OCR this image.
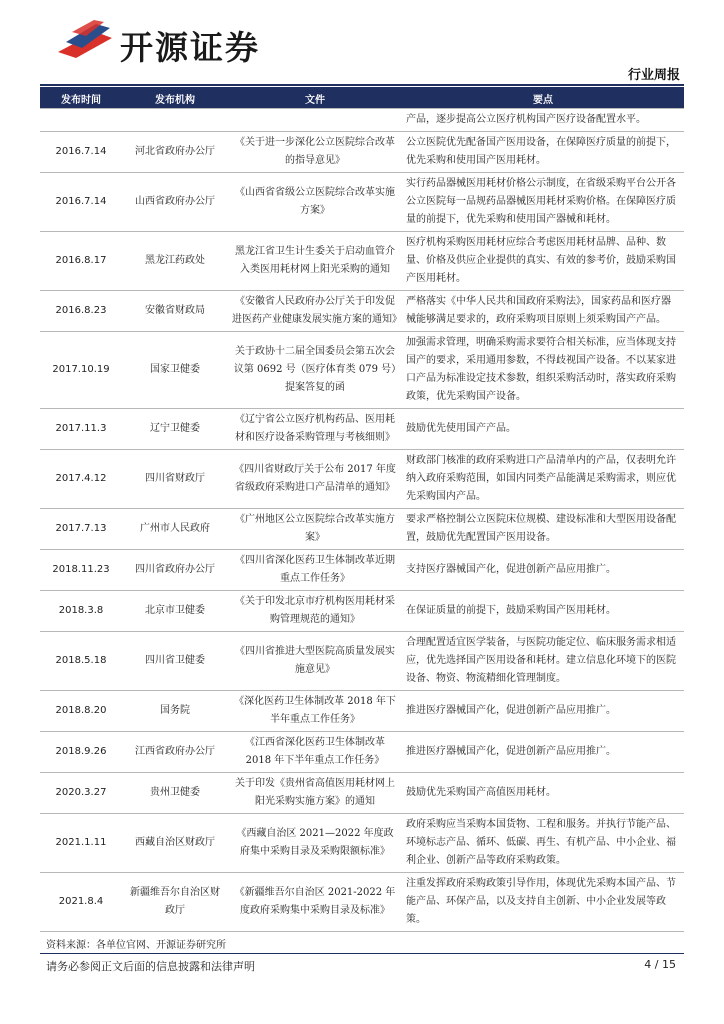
开源证券
行业周报
发布时间	发布机构	文件	要点
			产品，逐步提高公立医疗机构国产医疗设备配置水平。
2016.7.14	河北省政府办公厅	《关于进一步深化公立医院综合改革的指导意见》	公立医院优先配备国产医用设备，在保障医疗质量的前提下，优先采购和使用国产医用耗材。
2016.7.14	山西省政府办公厅	《山西省省级公立医院综合改革实施方案》	实行药品器械医用耗材价格公示制度，在省级采购平台公开各公立医院每一品规药品器械医用耗材采购价格。在保障医疗质量的前提下，优先采购和使用国产器械和耗材。
2016.8.17	黑龙江药政处	黑龙江省卫生计生委关于启动血管介入类医用耗材网上阳光采购的通知	医疗机构采购医用耗材应综合考虑医用耗材品牌、品种、数量、价格及供应企业提供的真实、有效的参考价，鼓励采购国产医用耗材。
2016.8.23	安徽省财政局	《安徽省人民政府办公厅关于印发促进医药产业健康发展实施方案的通知》	严格落实《中华人民共和国政府采购法》，国家药品和医疗器械能够满足要求的，政府采购项目原则上须采购国产产品。
2017.10.19	国家卫健委	关于政协十二届全国委员会第五次会议第 0692 号（医疗体育类 079 号）提案答复的函	加强需求管理，明确采购需求要符合相关标准，应当体现支持国产的要求，采用通用参数，不得歧视国产设备。不以某家进口产品为标准设定技术参数，组织采购活动时，落实政府采购政策，优先采购国产设备。
2017.11.3	辽宁卫健委	《辽宁省公立医疗机构药品、医用耗材和医疗设备采购管理与考核细则》	鼓励优先使用国产产品。
2017.4.12	四川省财政厅	《四川省财政厅关于公布 2017 年度省级政府采购进口产品清单的通知》	财政部门核准的政府采购进口产品清单内的产品，仅表明允许纳入政府采购范围，如国内同类产品能满足采购需求，则应优先采购国内产品。
2017.7.13	广州市人民政府	《广州地区公立医院综合改革实施方案》	要求严格控制公立医院床位规模、建设标准和大型医用设备配置，鼓励优先配置国产医用设备。
2018.11.23	四川省政府办公厅	《四川省深化医药卫生体制改革近期重点工作任务》	支持医疗器械国产化，促进创新产品应用推广。
2018.3.8	北京市卫健委	《关于印发北京市疗机构医用耗材采购管理规范的通知》	在保证质量的前提下，鼓励采购国产医用耗材。
2018.5.18	四川省卫健委	《四川省推进大型医院高质量发展实施意见》	合理配置适宜医学装备，与医院功能定位、临床服务需求相适应，优先选择国产医用设备和耗材。建立信息化环境下的医院设备、物资、物流精细化管理制度。
2018.8.20	国务院	《深化医药卫生体制改革 2018 年下半年重点工作任务》	推进医疗器械国产化，促进创新产品应用推广。
2018.9.26	江西省政府办公厅	《江西省深化医药卫生体制改革 2018 年下半年重点工作任务》	推进医疗器械国产化，促进创新产品应用推广。
2020.3.27	贵州卫健委	关于印发《贵州省高值医用耗材网上阳光采购实施方案》的通知	鼓励优先采购国产高值医用耗材。
2021.1.11	西藏自治区财政厅	《西藏自治区 2021—2022 年度政府集中采购目录及采购限额标准》	政府采购应当采购本国货物、工程和服务。并执行节能产品、环境标志产品、循环、低碳、再生、有机产品、中小企业、福利企业、创新产品等政府采购政策。
2021.8.4	新疆维吾尔自治区财政厅	《新疆维吾尔自治区 2021-2022 年度政府采购集中采购目录及标准》	注重发挥政府采购政策引导作用，体现优先采购本国产品、节能产品、环保产品，以及支持自主创新、中小企业发展等政策。
资料来源：各单位官网、开源证券研究所
请务必参阅正文后面的信息披露和法律声明	4 / 15
